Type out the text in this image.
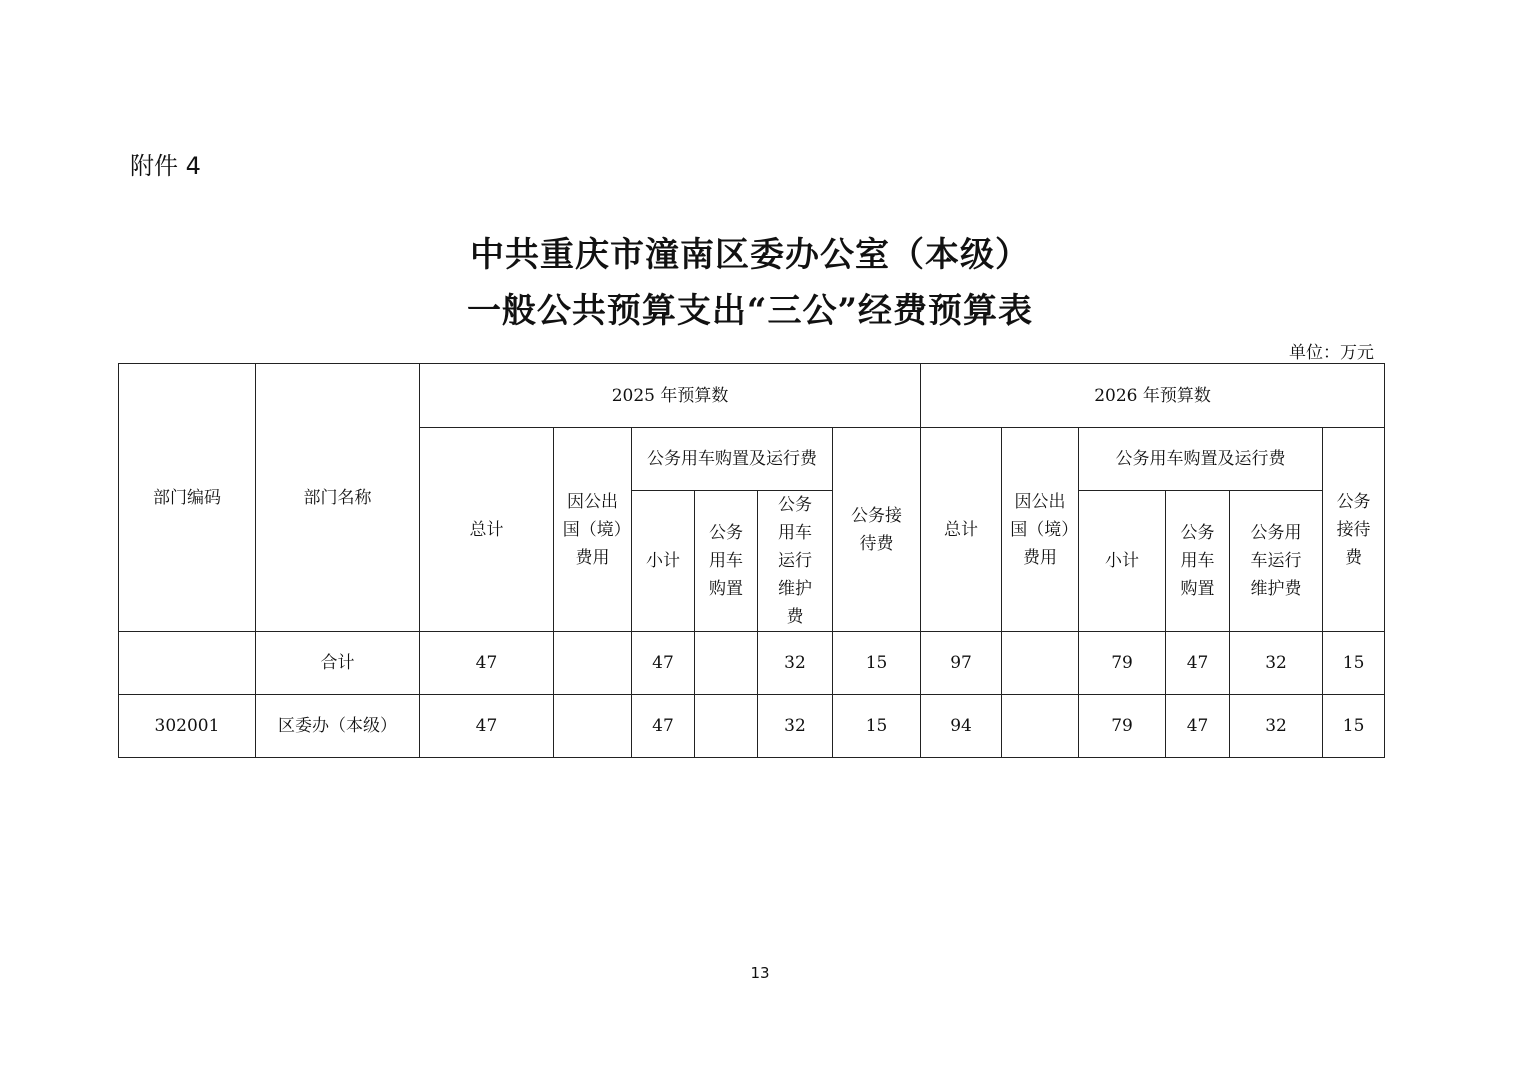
附件 4
中共重庆市潼南区委办公室（本级）
一般公共预算支出“三公”经费预算表
单位：万元
部门编码	部门名称	2025 年预算数						2026 年预算数					
		总计	因公出国（境）费用	公务用车购置及运行费			公务接待费	总计	因公出国（境）费用	公务用车购置及运行费			公务接待费
				小计	公务用车购置	公务用车运行维护费				小计	公务用车购置	公务用车运行维护费	
	合计	47		47		32	15	97		79	47	32	15
302001	区委办（本级）	47		47		32	15	94		79	47	32	15
13
